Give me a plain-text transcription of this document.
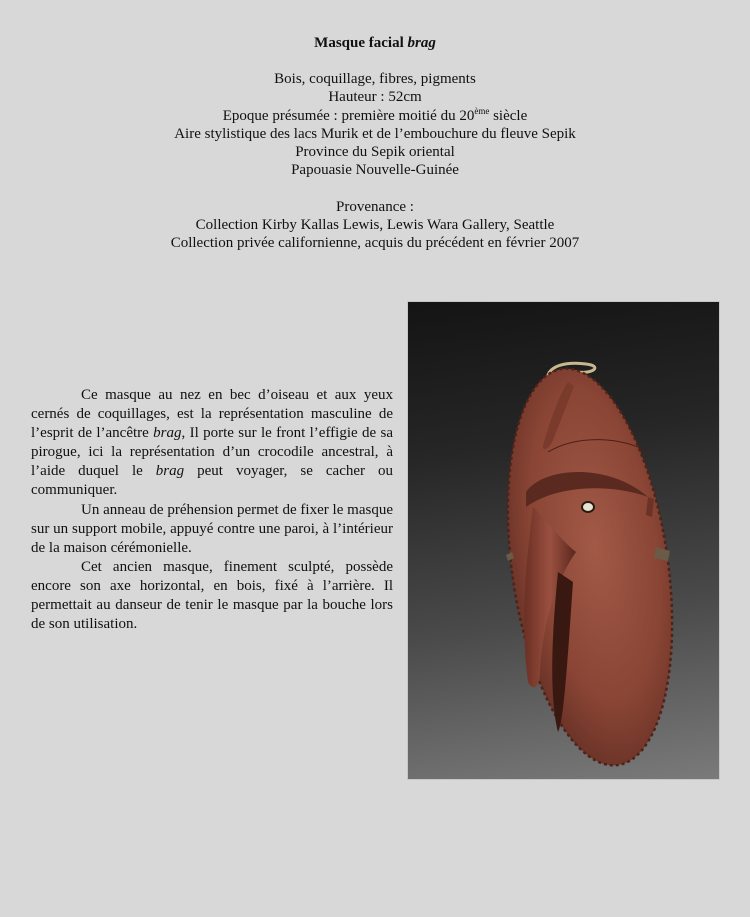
Masque facial brag
Bois, coquillage, fibres, pigments
Hauteur : 52cm
Epoque présumée : première moitié du 20ème siècle
Aire stylistique des lacs Murik et de l’embouchure du fleuve Sepik
Province du Sepik oriental
Papouasie Nouvelle-Guinée
Provenance :
Collection Kirby Kallas Lewis, Lewis Wara Gallery, Seattle
Collection privée californienne, acquis du précédent en février 2007

Ce masque au nez en bec d’oiseau et aux yeux cernés de coquillages, est la représentation masculine de l’esprit de l’ancêtre brag, Il porte sur le front l’effigie de sa pirogue, ici la représentation d’un crocodile ancestral, à l’aide duquel le brag peut voyager, se cacher ou communiquer.

Un anneau de préhension permet de fixer le masque sur un support mobile, appuyé contre une paroi, à l’intérieur de la maison cérémonielle.

Cet ancien masque, finement sculpté, possède encore son axe horizontal, en bois, fixé à l’arrière. Il permettait au danseur de tenir le masque par la bouche lors de son utilisation.
